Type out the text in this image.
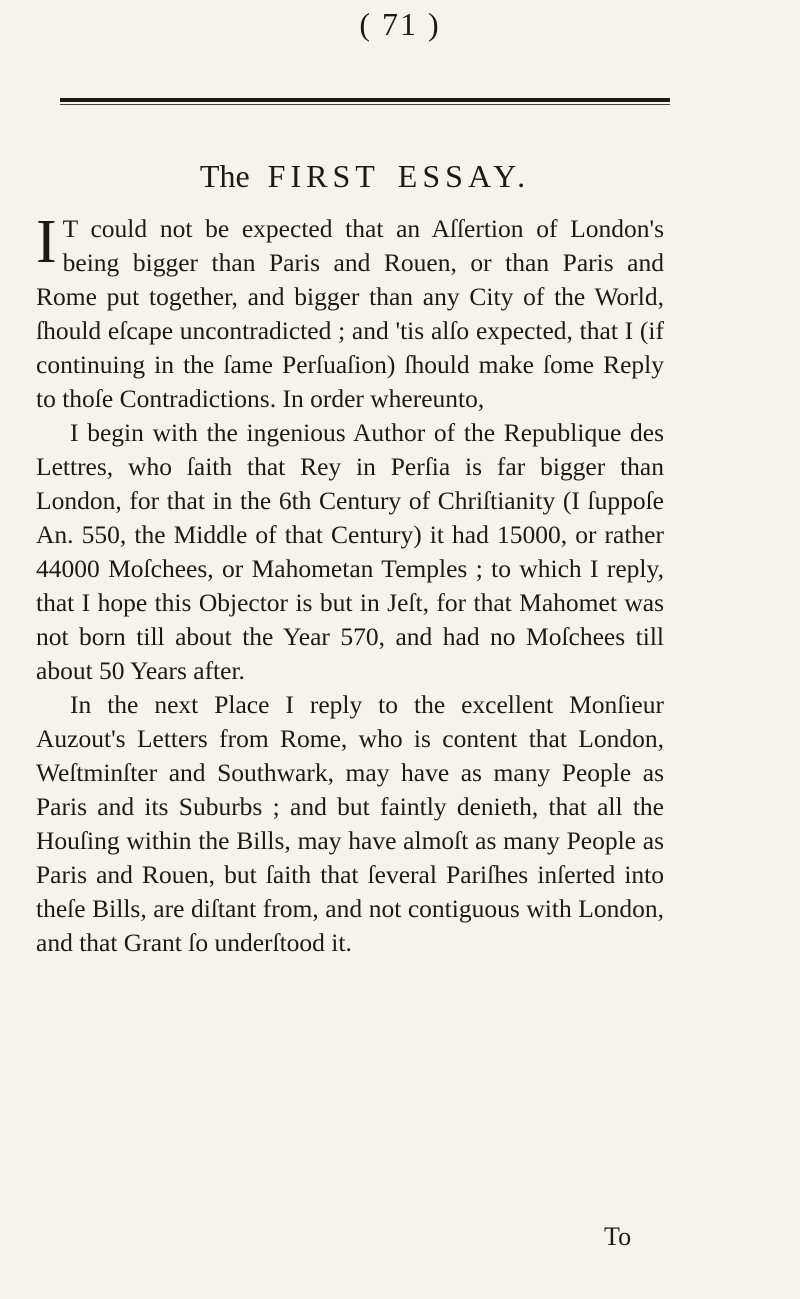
( 71 )
The FIRST ESSAY.

I T could not be expected that an Aſſertion of London's being bigger than Paris and Rouen, or than Paris and Rome put together, and bigger than any City of the World, ſhould eſcape uncontradicted ; and 'tis alſo expected, that I (if continuing in the ſame Perſuaſion) ſhould make ſome Reply to thoſe Contradictions. In order whereunto,

I begin with the ingenious Author of the Republique des Lettres, who ſaith that Rey in Perſia is far bigger than London, for that in the 6th Century of Chriſtianity (I ſuppoſe An. 550, the Middle of that Century) it had 15000, or rather 44000 Moſchees, or Mahometan Temples ; to which I reply, that I hope this Objector is but in Jeſt, for that Mahomet was not born till about the Year 570, and had no Moſchees till about 50 Years after.

In the next Place I reply to the excellent Monſieur Auzout's Letters from Rome, who is content that London, Weſtminſter and Southwark, may have as many People as Paris and its Suburbs ; and but faintly denieth, that all the Houſing within the Bills, may have almoſt as many People as Paris and Rouen, but ſaith that ſeveral Pariſhes inſerted into theſe Bills, are diſtant from, and not contiguous with London, and that Grant ſo underſtood it.

To
